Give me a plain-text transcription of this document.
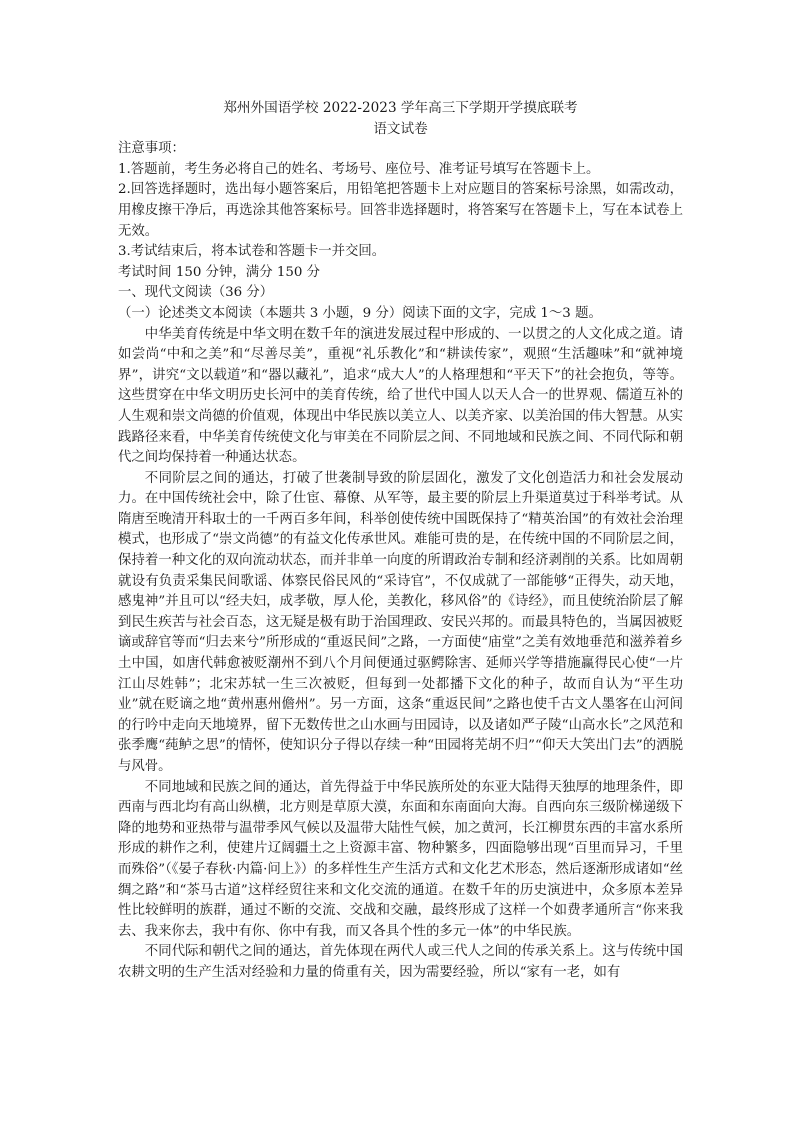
郑州外国语学校 2022-2023 学年高三下学期开学摸底联考

语文试卷

注意事项：

1.答题前，考生务必将自己的姓名、考场号、座位号、准考证号填写在答题卡上。

2.回答选择题时，选出每小题答案后，用铅笔把答题卡上对应题目的答案标号涂黑，如需改动，用橡皮擦干净后，再选涂其他答案标号。回答非选择题时，将答案写在答题卡上，写在本试卷上无效。

3.考试结束后，将本试卷和答题卡一并交回。

考试时间 150 分钟，满分 150 分

一、现代文阅读（36 分）

（一）论述类文本阅读（本题共 3 小题，9 分）阅读下面的文字，完成 1～3 题。

中华美育传统是中华文明在数千年的演进发展过程中形成的、一以贯之的人文化成之道。请如尝尚“中和之美”和“尽善尽美”，重视“礼乐教化”和“耕读传家”，观照“生活趣味”和“就神境界”，讲究“文以载道”和“器以藏礼”，追求“成大人”的人格理想和“平天下”的社会抱负，等等。这些贯穿在中华文明历史长河中的美育传统，给了世代中国人以天人合一的世界观、儒道互补的人生观和崇文尚德的价值观，体现出中华民族以美立人、以美齐家、以美治国的伟大智慧。从实践路径来看，中华美育传统使文化与审美在不同阶层之间、不同地域和民族之间、不同代际和朝代之间均保持着一种通达状态。

不同阶层之间的通达，打破了世袭制导致的阶层固化，激发了文化创造活力和社会发展动力。在中国传统社会中，除了仕宦、幕僚、从军等，最主要的阶层上升渠道莫过于科举考试。从隋唐至晚清开科取士的一千两百多年间，科举创使传统中国既保持了“精英治国”的有效社会治理模式，也形成了“崇文尚德”的有益文化传承世风。难能可贵的是，在传统中国的不同阶层之间，保持着一种文化的双向流动状态，而并非单一向度的所谓政治专制和经济剥削的关系。比如周朝就设有负责采集民间歌谣、体察民俗民风的“采诗官”，不仅成就了一部能够“正得失，动天地，感鬼神”并且可以“经夫妇，成孝敬，厚人伦，美教化，移风俗”的《诗经》，而且使统治阶层了解到民生疾苦与社会百态，这无疑是极有助于治国理政、安民兴邦的。而最具特色的，当属因被贬谪或辞官等而“归去来兮”所形成的“重返民间”之路，一方面使“庙堂”之美有效地垂范和滋养着乡土中国，如唐代韩愈被贬潮州不到八个月间便通过驱鳄除害、延师兴学等措施赢得民心使“一片江山尽姓韩”；北宋苏轼一生三次被贬，但每到一处都播下文化的种子，故而自认为“平生功业”就在贬谪之地“黄州惠州儋州”。另一方面，这条“重返民间”之路也使千古文人墨客在山河间的行吟中走向天地境界，留下无数传世之山水画与田园诗，以及诸如严子陵“山高水长”之风范和张季鹰“莼鲈之思”的情怀，使知识分子得以存续一种“田园将芜胡不归”“仰天大笑出门去”的洒脱与风骨。

不同地域和民族之间的通达，首先得益于中华民族所处的东亚大陆得天独厚的地理条件，即西南与西北均有高山纵横，北方则是草原大漠，东面和东南面向大海。自西向东三级阶梯递级下降的地势和亚热带与温带季风气候以及温带大陆性气候，加之黄河，长江柳贯东西的丰富水系所形成的耕作之利，使建片辽阔疆土之上资源丰富、物种繁多，四面隐够出现“百里而异习，千里而殊俗”（《晏子春秋·内篇·问上》）的多样性生产生活方式和文化艺术形态，然后逐渐形成诸如“丝绸之路”和“茶马古道”这样经贸往来和文化交流的通道。在数千年的历史演进中，众多原本差异性比较鲜明的族群，通过不断的交流、交战和交融，最终形成了这样一个如费孝通所言“你来我去、我来你去，我中有你、你中有我，而又各具个性的多元一体”的中华民族。

不同代际和朝代之间的通达，首先体现在两代人或三代人之间的传承关系上。这与传统中国农耕文明的生产生活对经验和力量的倚重有关，因为需要经验，所以“家有一老，如有
